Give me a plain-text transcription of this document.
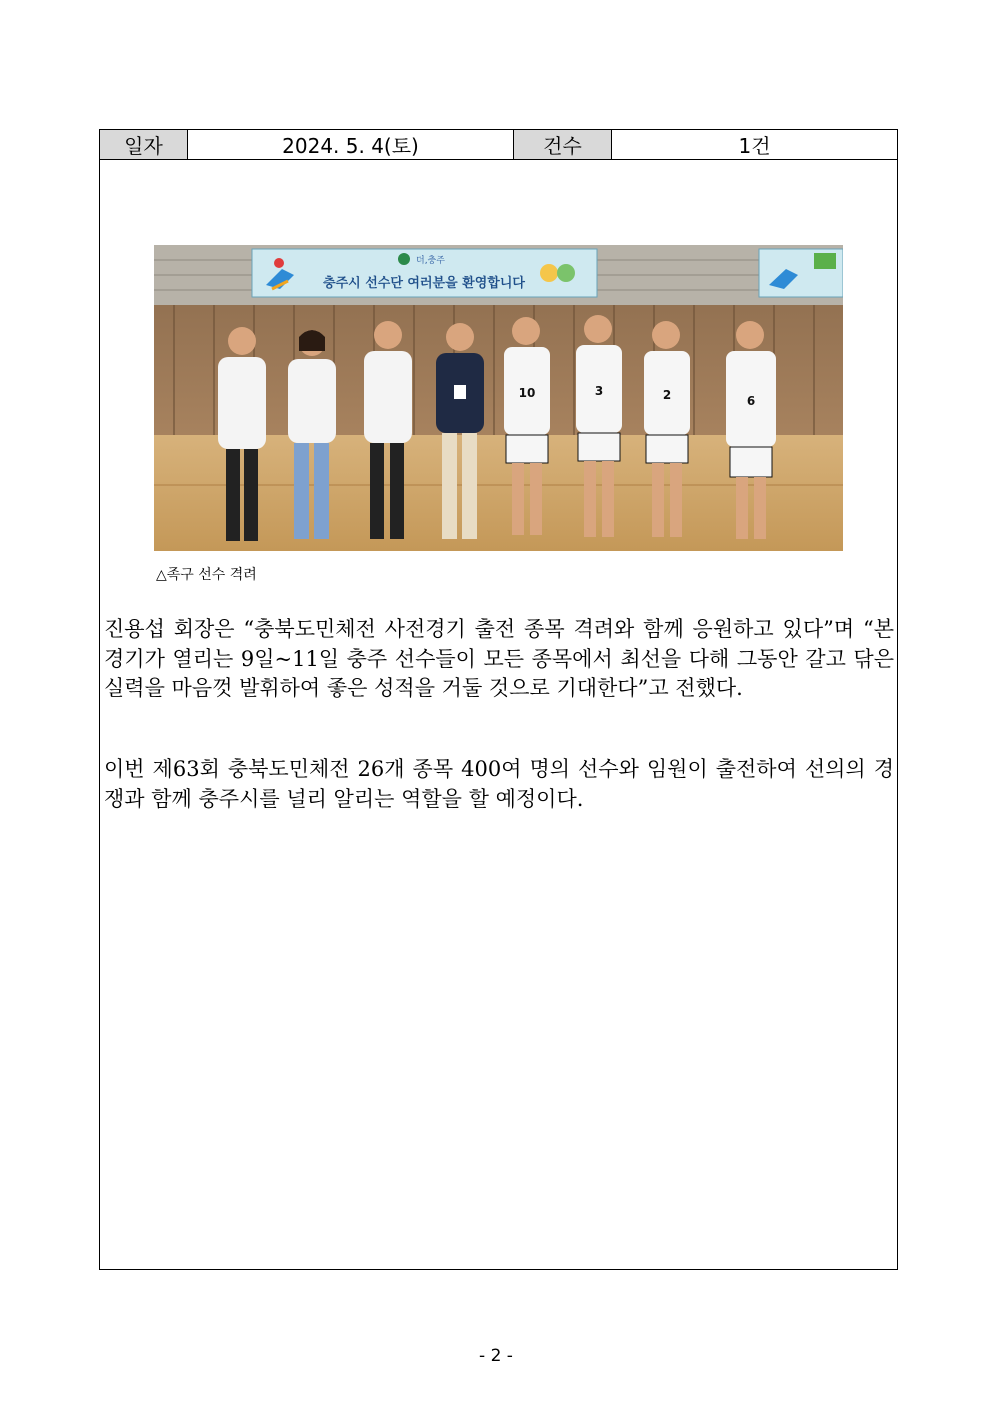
일자	2024. 5. 4(토)	건수	1건
더,충주
충주시 선수단 여러분을 환영합니다
10	3	2	6
△족구 선수 격려
진용섭 회장은 “충북도민체전 사전경기 출전 종목 격려와 함께 응원하고 있다”며 “본 경기가 열리는 9일~11일 충주 선수들이 모든 종목에서 최선을 다해 그동안 갈고 닦은 실력을 마음껏 발휘하여 좋은 성적을 거둘 것으로 기대한다”고 전했다.
이번 제63회 충북도민체전 26개 종목 400여 명의 선수와 임원이 출전하여 선의의 경쟁과 함께 충주시를 널리 알리는 역할을 할 예정이다.
- 2 -
